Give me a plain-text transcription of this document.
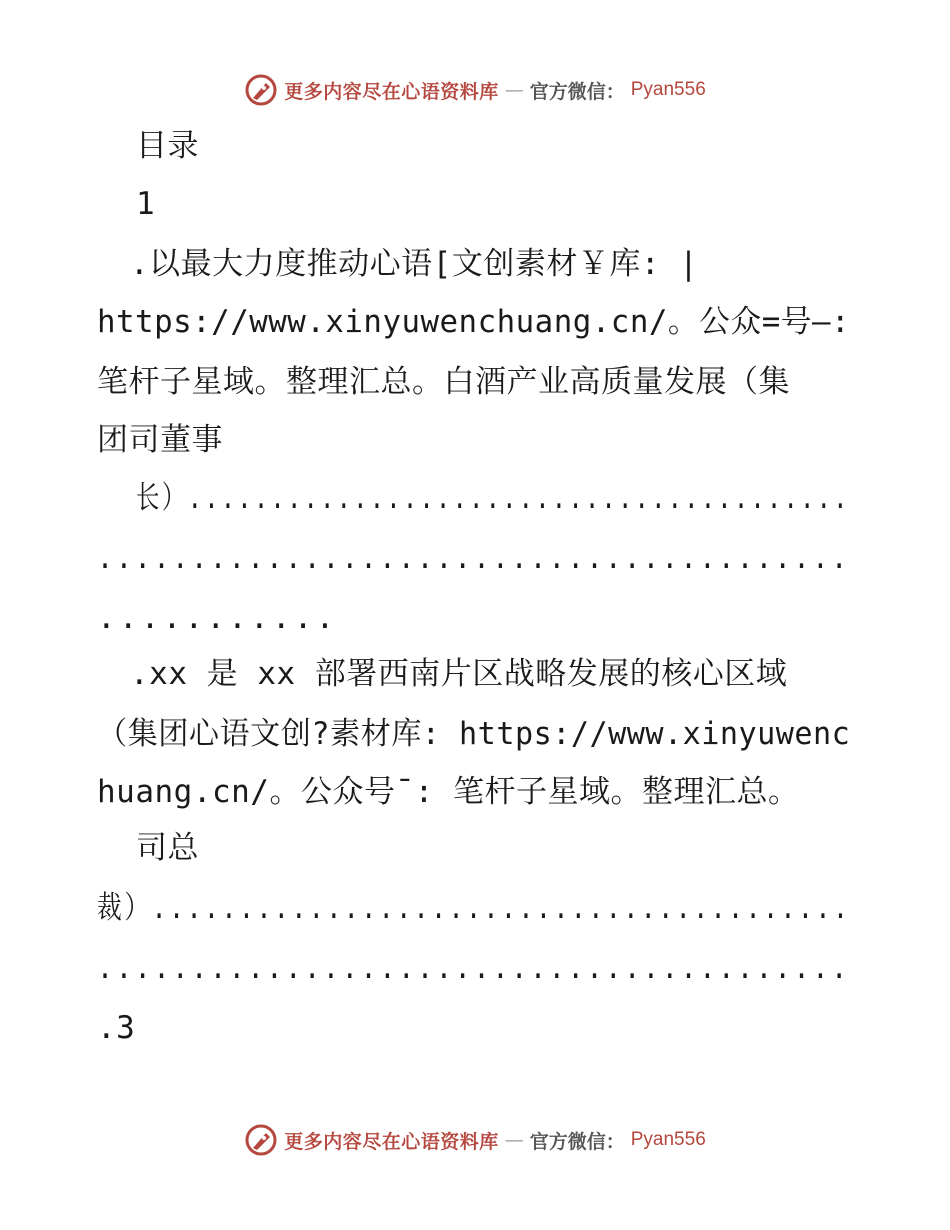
更多内容尽在心语资料库 — 官方微信： Pyan556
目录
1
.以最大力度推动心语[文创素材￥库: |
https://www.xinyuwenchuang.cn/。公众=号—:
笔杆子星域。整理汇总。白酒产业高质量发展（集
团司董事
长）........................................
........................................
...........
.xx 是 xx 部署西南片区战略发展的核心区域
（集团心语文创?素材库: https://www.xinyuwenc
huang.cn/。公众号¯: 笔杆子星域。整理汇总。
司总
裁）........................................
........................................
.3
更多内容尽在心语资料库 — 官方微信： Pyan556
